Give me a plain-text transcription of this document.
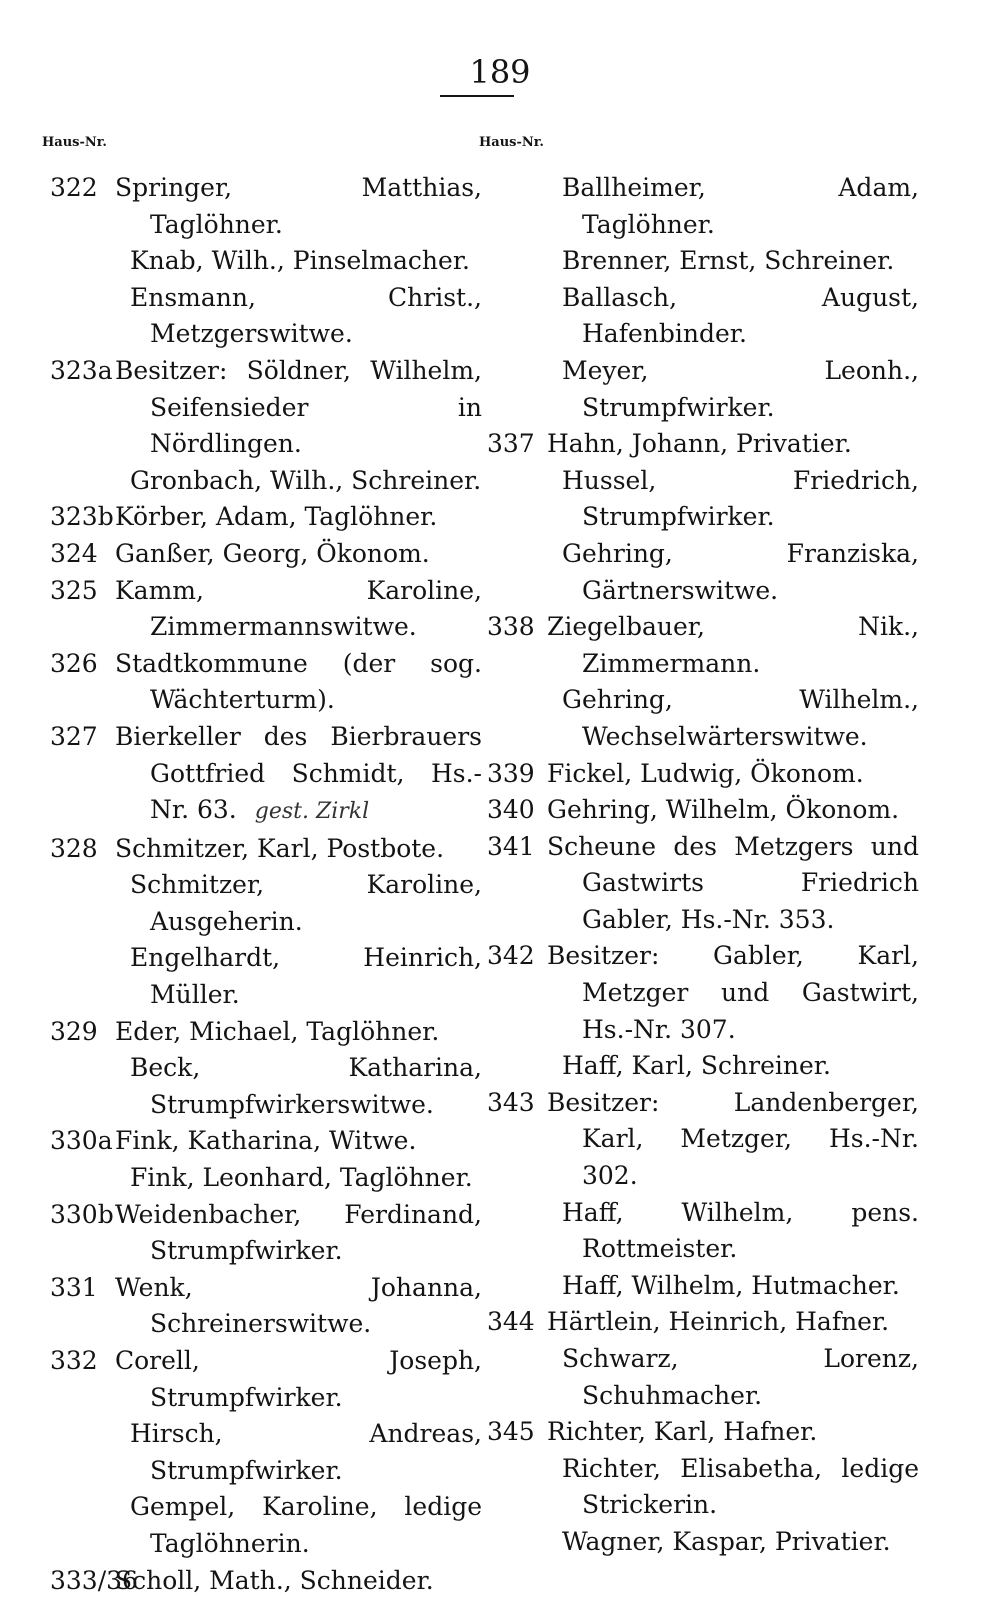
189
Haus-Nr.
322 Springer, Matthias, Taglöhner.
Knab, Wilh., Pinselmacher.
Ensmann, Christ., Metzgerswitwe.
323a Besitzer: Söldner, Wilhelm, Seifensieder in Nördlingen.
Gronbach, Wilh., Schreiner.
323b Körber, Adam, Taglöhner.
324 Ganßer, Georg, Ökonom.
325 Kamm, Karoline, Zimmermannswitwe.
326 Stadtkommune (der sog. Wächterturm).
327 Bierkeller des Bierbrauers Gottfried Schmidt, Hs.-Nr. 63. gest. Zirkl
328 Schmitzer, Karl, Postbote.
Schmitzer, Karoline, Ausgeherin.
Engelhardt, Heinrich, Müller.
329 Eder, Michael, Taglöhner.
Beck, Katharina, Strumpfwirkerswitwe.
330a Fink, Katharina, Witwe.
Fink, Leonhard, Taglöhner.
330b Weidenbacher, Ferdinand, Strumpfwirker.
331 Wenk, Johanna, Schreinerswitwe.
332 Corell, Joseph, Strumpfwirker.
Hirsch, Andreas, Strumpfwirker.
Gempel, Karoline, ledige Taglöhnerin.
333/36
Scholl, Math., Schneider.
Haus-Nr.
Ballheimer, Adam, Taglöhner.
Brenner, Ernst, Schreiner.
Ballasch, August, Hafenbinder.
Meyer, Leonh., Strumpfwirker.
337 Hahn, Johann, Privatier.
Hussel, Friedrich, Strumpfwirker.
Gehring, Franziska, Gärtnerswitwe.
338 Ziegelbauer, Nik., Zimmermann.
Gehring, Wilhelm., Wechselwärterswitwe.
339 Fickel, Ludwig, Ökonom.
340 Gehring, Wilhelm, Ökonom.
341 Scheune des Metzgers und Gastwirts Friedrich Gabler, Hs.-Nr. 353.
342 Besitzer: Gabler, Karl, Metzger und Gastwirt, Hs.-Nr. 307.
Haff, Karl, Schreiner.
343 Besitzer: Landenberger, Karl, Metzger, Hs.-Nr. 302.
Haff, Wilhelm, pens. Rottmeister.
Haff, Wilhelm, Hutmacher.
344 Härtlein, Heinrich, Hafner.
Schwarz, Lorenz, Schuhmacher.
345 Richter, Karl, Hafner.
Richter, Elisabetha, ledige Strickerin.
Wagner, Kaspar, Privatier.
